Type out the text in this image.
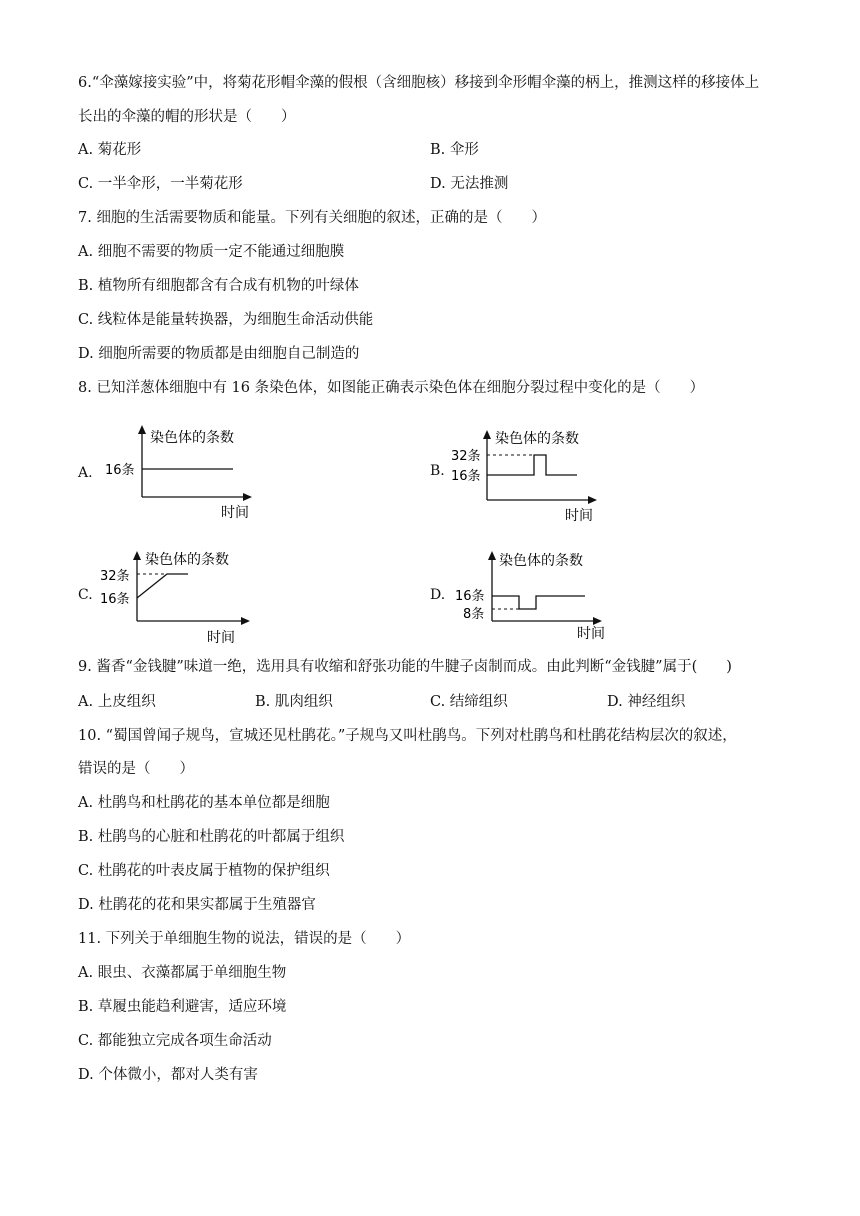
6.“伞藻嫁接实验”中，将菊花形帽伞藻的假根（含细胞核）移接到伞形帽伞藻的柄上，推测这样的移接体上
长出的伞藻的帽的形状是（　　）
A. 菊花形	B. 伞形
C. 一半伞形，一半菊花形	D. 无法推测
7. 细胞的生活需要物质和能量。下列有关细胞的叙述，正确的是（　　）
A. 细胞不需要的物质一定不能通过细胞膜
B. 植物所有细胞都含有合成有机物的叶绿体
C. 线粒体是能量转换器，为细胞生命活动供能
D. 细胞所需要的物质都是由细胞自己制造的
8. 已知洋葱体细胞中有 16 条染色体，如图能正确表示染色体在细胞分裂过程中变化的是（　　）
A.
染色体的条数
时间
16条	B.
染色体的条数
时间
32条
16条
C.
染色体的条数
时间
32条
16条	D.
染色体的条数
时间
16条
8条
9. 酱香“金钱腱”味道一绝，选用具有收缩和舒张功能的牛腱子卤制而成。由此判断“金钱腱”属于(　　)
A. 上皮组织	B. 肌肉组织	C. 结缔组织	D. 神经组织
10. “蜀国曾闻子规鸟，宣城还见杜鹃花。”子规鸟又叫杜鹃鸟。下列对杜鹃鸟和杜鹃花结构层次的叙述，
错误的是（　　）
A. 杜鹃鸟和杜鹃花的基本单位都是细胞
B. 杜鹃鸟的心脏和杜鹃花的叶都属于组织
C. 杜鹃花的叶表皮属于植物的保护组织
D. 杜鹃花的花和果实都属于生殖器官
11. 下列关于单细胞生物的说法，错误的是（　　）
A. 眼虫、衣藻都属于单细胞生物
B. 草履虫能趋利避害，适应环境
C. 都能独立完成各项生命活动
D. 个体微小，都对人类有害
